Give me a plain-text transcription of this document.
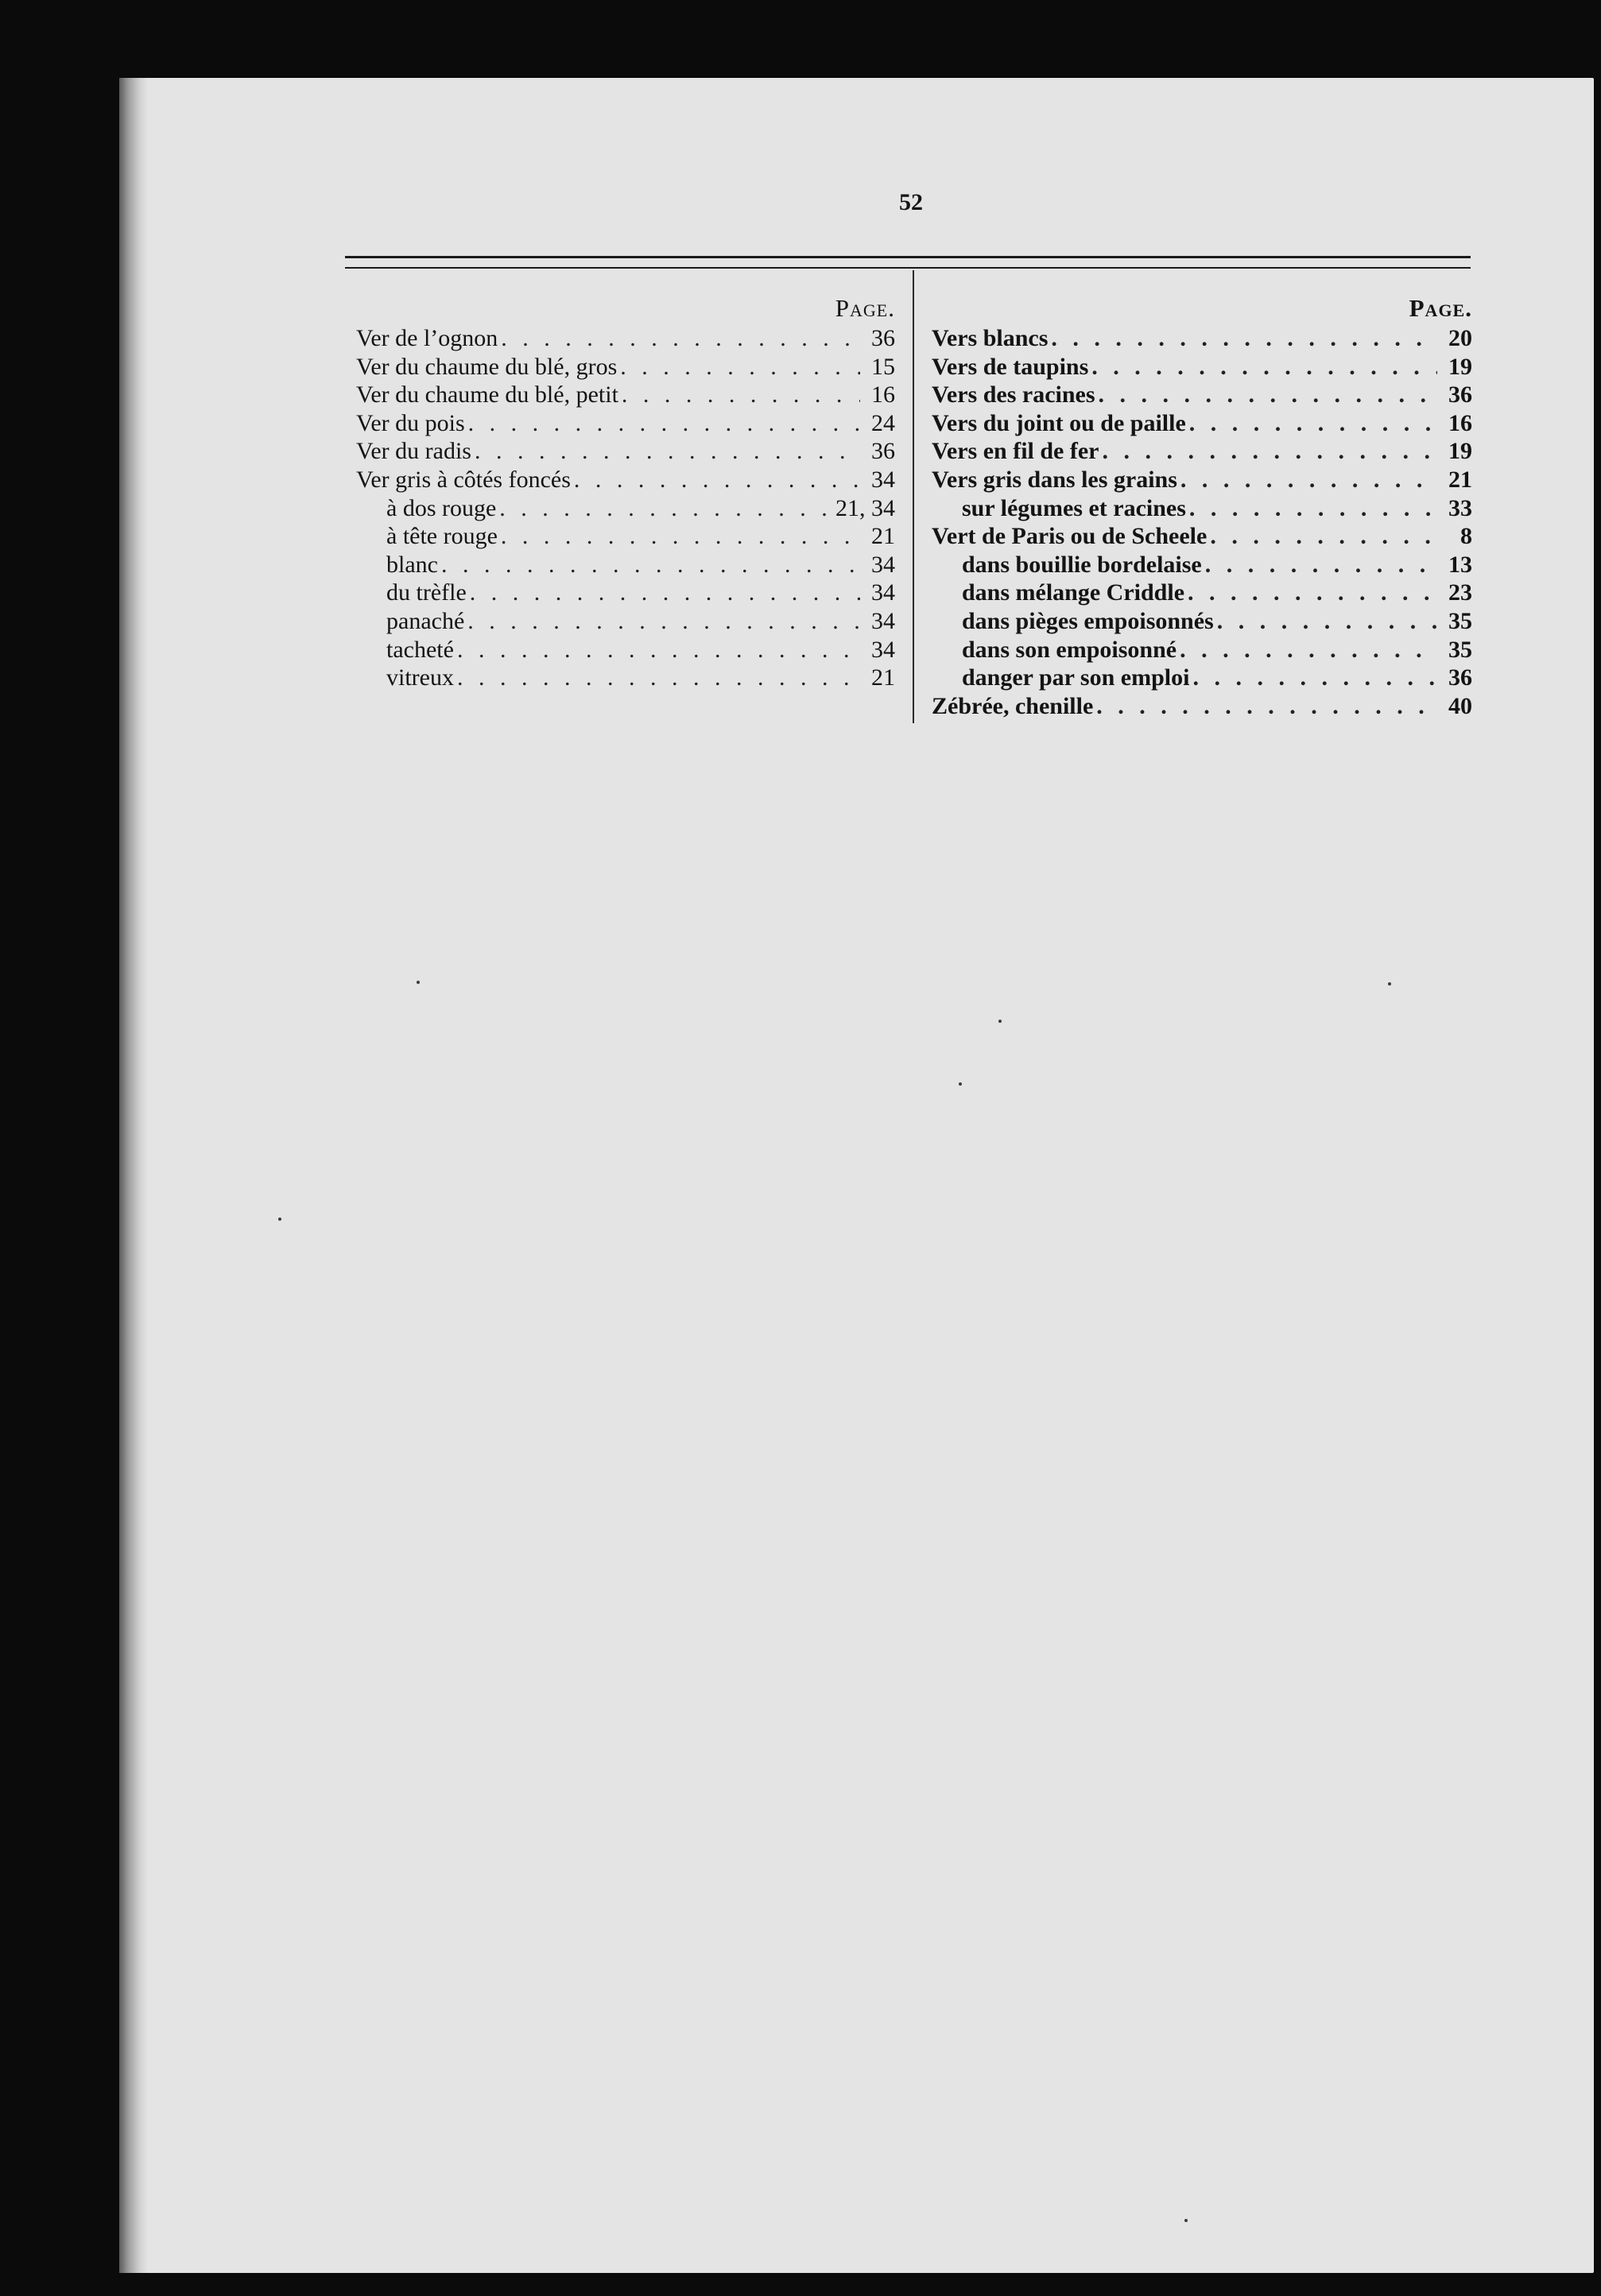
52
Page.
Ver de l’ognon . . .	36
Ver du chaume du blé, gros . . .	15
Ver du chaume du blé, petit . . .	16
Ver du pois . . .	24
Ver du radis . . .	36
Ver gris à côtés foncés . . .	34
à dos rouge . . .	21, 34
à tête rouge . . .	21
blanc . . .	34
du trèfle . . .	34
panaché . . .	34
tacheté . . .	34
vitreux . . .	21
Page.
Vers blancs . . .	20
Vers de taupins . . .	19
Vers des racines . . .	36
Vers du joint ou de paille . . .	16
Vers en fil de fer . . .	19
Vers gris dans les grains . . .	21
sur légumes et racines . . .	33
Vert de Paris ou de Scheele . . .	8
dans bouillie bordelaise . . .	13
dans mélange Criddle . . .	23
dans pièges empoisonnés . . .	35
dans son empoisonné . . .	35
danger par son emploi . . .	36
Zébrée, chenille . . .	40
